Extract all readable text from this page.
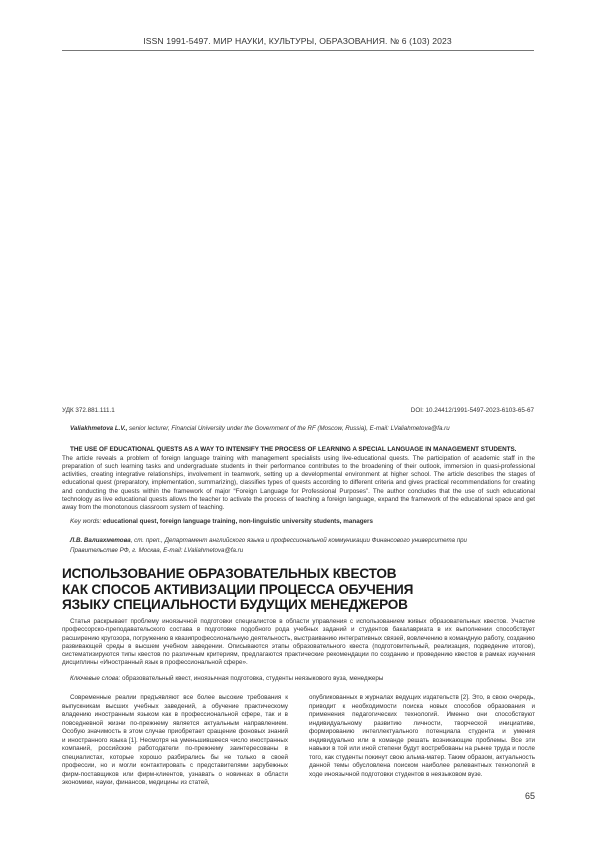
ISSN 1991-5497. МИР НАУКИ, КУЛЬТУРЫ, ОБРАЗОВАНИЯ. № 6 (103) 2023
УДК 372.881.111.1	DOI: 10.24412/1991-5497-2023-6103-65-67
Valiakhmetova L.V., senior lecturer, Financial University under the Government of the RF (Moscow, Russia), E-mail: LValiahmetova@fa.ru
THE USE OF EDUCATIONAL QUESTS AS A WAY TO INTENSIFY THE PROCESS OF LEARNING A SPECIAL LANGUAGE IN MANAGEMENT STUDENTS.
The article reveals a problem of foreign language training with management specialists using live-educational quests. The participation of academic staff in the preparation of such learning tasks and undergraduate students in their performance contributes to the broadening of their outlook, immersion in quasi-professional activities, creating integrative relationships, involvement in teamwork, setting up a developmental environment at higher school. The article describes the stages of educational quest (preparatory, implementation, summarizing), classifies types of quests according to different criteria and gives practical recommendations for creating and conducting the quests within the framework of major “Foreign Language for Professional Purposes”. The author concludes that the use of such educational technology as live educational quests allows the teacher to activate the process of teaching a foreign language, expand the framework of the educational space and get away from the monotonous classroom system of teaching.
Key words: educational quest, foreign language training, non-linguistic university students, managers
Л.В. Валиахметова, ст. преп., Департамент английского языка и профессиональной коммуникации Финансового университета при Правительстве РФ, г. Москва, E-mail: LValiahmetova@fa.ru
ИСПОЛЬЗОВАНИЕ ОБРАЗОВАТЕЛЬНЫХ КВЕСТОВ
КАК СПОСОБ АКТИВИЗАЦИИ ПРОЦЕССА ОБУЧЕНИЯ
ЯЗЫКУ СПЕЦИАЛЬНОСТИ БУДУЩИХ МЕНЕДЖЕРОВ
Статья раскрывает проблему иноязычной подготовки специалистов в области управления с использованием живых образовательных квестов. Участие профессорско-преподавательского состава в подготовке подобного рода учебных заданий и студентов бакалавриата в их выполнении способствует расширению кругозора, погружению в квазипрофессиональную деятельность, выстраиванию интегративных связей, вовлечению в командную работу, созданию развивающей среды в высшем учебном заведении. Описываются этапы образовательного квеста (подготовительный, реализация, подведение итогов), систематизируются типы квестов по различным критериям, предлагаются практические рекомендации по созданию и проведению квестов в рамках изучения дисциплины «Иностранный язык в профессиональной сфере».
Ключевые слова: образовательный квест, иноязычная подготовка, студенты неязыкового вуза, менеджеры
Современные реалии предъявляют все более высокие требования к выпускникам высших учебных заведений, а обучение практическому владению иностранным языком как в профессиональной сфере, так и в повседневной жизни по-прежнему является актуальным направлением. Особую значимость в этом случае приобретает сращение фоновых знаний и иностранного языка [1]. Несмотря на уменьшившееся число иностранных компаний, российские работодатели по-прежнему заинтересованы в специалистах, которые хорошо разбирались бы не только в своей профессии, но и могли контактировать с представителями зарубежных фирм-поставщиков или фирм-клиентов, узнавать о новинках в области экономики, науки, финансов, медицины из статей,
опубликованных в журналах ведущих издательств [2]. Это, в свою очередь, приводит к необходимости поиска новых способов образования и применения педагогических технологий. Именно они способствуют индивидуальному развитию личности, творческой инициативе, формированию интеллектуального потенциала студента и умения индивидуально или в команде решать возникающие проблемы. Все эти навыки в той или иной степени будут востребованы на рынке труда и после того, как студенты покинут свою альма-матер. Таким образом, актуальность данной темы обусловлена поиском наиболее релевантных технологий в ходе иноязычной подготовки студентов в неязыковом вузе.
65
